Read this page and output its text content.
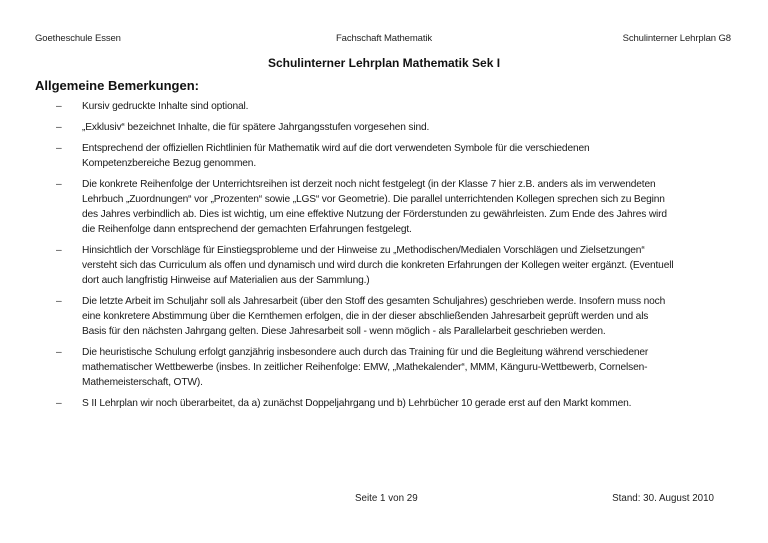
Goetheschule Essen	Fachschaft Mathematik	Schulinterner Lehrplan G8
Schulinterner Lehrplan Mathematik Sek I
Allgemeine Bemerkungen:
–	Kursiv gedruckte Inhalte sind optional.
–	„Exklusiv“ bezeichnet Inhalte, die für spätere Jahrgangsstufen vorgesehen sind.
–	Entsprechend der offiziellen Richtlinien für Mathematik wird auf die dort verwendeten Symbole für die verschiedenen
Kompetenzbereiche Bezug genommen.
–	Die konkrete Reihenfolge der Unterrichtsreihen ist derzeit noch nicht festgelegt (in der Klasse 7 hier z.B. anders als im verwendeten
Lehrbuch „Zuordnungen“ vor „Prozenten“ sowie „LGS“ vor Geometrie). Die parallel unterrichtenden Kollegen sprechen sich zu Beginn
des Jahres verbindlich ab. Dies ist wichtig, um eine effektive Nutzung der Förderstunden zu gewährleisten. Zum Ende des Jahres wird
die Reihenfolge dann entsprechend der gemachten Erfahrungen festgelegt.
–	Hinsichtlich der Vorschläge für Einstiegsprobleme und der Hinweise zu „Methodischen/Medialen Vorschlägen und Zielsetzungen“
versteht sich das Curriculum als offen und dynamisch und wird durch die konkreten Erfahrungen der Kollegen weiter ergänzt. (Eventuell
dort auch langfristig Hinweise auf Materialien aus der Sammlung.)
–	Die letzte Arbeit im Schuljahr soll als Jahresarbeit (über den Stoff des gesamten Schuljahres) geschrieben werde. Insofern muss noch
eine konkretere Abstimmung über die Kernthemen erfolgen, die in der dieser abschließenden Jahresarbeit geprüft werden und als
Basis für den nächsten Jahrgang gelten. Diese Jahresarbeit soll - wenn möglich - als Parallelarbeit geschrieben werden.
–	Die heuristische Schulung erfolgt ganzjährig insbesondere auch durch das Training für und die Begleitung während verschiedener
mathematischer Wettbewerbe (insbes. In zeitlicher Reihenfolge: EMW, „Mathekalender“, MMM, Känguru-Wettbewerb, Cornelsen-
Mathemeisterschaft, OTW).
–	S II Lehrplan wir noch überarbeitet, da a) zunächst Doppeljahrgang und b) Lehrbücher 10 gerade erst auf den Markt kommen.
Seite 1 von 29	Stand: 30. August 2010
